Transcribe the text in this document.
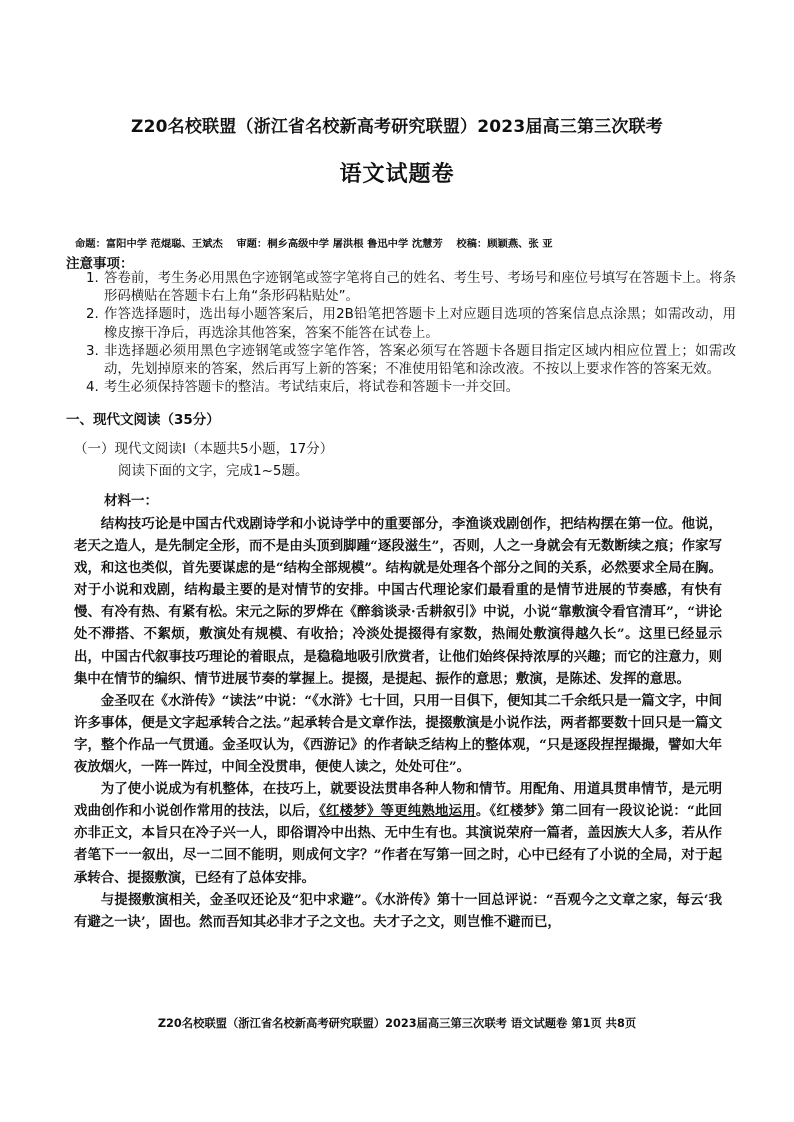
Z20名校联盟（浙江省名校新高考研究联盟）2023届高三第三次联考
语文试题卷
命题：富阳中学 范焜聪、王斌杰 审题：桐乡高级中学 屠洪根 鲁迅中学 沈慧芳 校稿：顾颖燕、张 亚
注意事项：
1. 答卷前，考生务必用黑色字迹钢笔或签字笔将自己的姓名、考生号、考场号和座位号填写在答题卡上。将条形码横贴在答题卡右上角“条形码粘贴处”。
2. 作答选择题时，选出每小题答案后，用2B铅笔把答题卡上对应题目选项的答案信息点涂黑；如需改动，用橡皮擦干净后，再选涂其他答案，答案不能答在试卷上。
3. 非选择题必须用黑色字迹钢笔或签字笔作答，答案必须写在答题卡各题目指定区域内相应位置上；如需改动，先划掉原来的答案，然后再写上新的答案；不准使用铅笔和涂改液。不按以上要求作答的答案无效。
4. 考生必须保持答题卡的整洁。考试结束后，将试卷和答题卡一并交回。
一、现代文阅读（35分）
（一）现代文阅读Ⅰ（本题共5小题，17分）
阅读下面的文字，完成1~5题。
材料一：

结构技巧论是中国古代戏剧诗学和小说诗学中的重要部分，李渔谈戏剧创作，把结构摆在第一位。他说，老天之造人，是先制定全形，而不是由头顶到脚踵“逐段滋生”，否则，人之一身就会有无数断续之痕；作家写戏，和这也类似，首先要谋虑的是“结构全部规模”。结构就是处理各个部分之间的关系，必然要求全局在胸。对于小说和戏剧，结构最主要的是对情节的安排。中国古代理论家们最看重的是情节进展的节奏感，有快有慢、有冷有热、有紧有松。宋元之际的罗烨在《醉翁谈录·舌耕叙引》中说，小说“靠敷演令看官清耳”，“讲论处不滞搭、不絮烦，敷演处有规模、有收拾；冷淡处提掇得有家数，热闹处敷演得越久长”。这里已经显示出，中国古代叙事技巧理论的着眼点，是稳稳地吸引欣赏者，让他们始终保持浓厚的兴趣；而它的注意力，则集中在情节的编织、情节进展节奏的掌握上。提掇，是提起、振作的意思；敷演，是陈述、发挥的意思。

金圣叹在《水浒传》“读法”中说：“《水浒》七十回，只用一目俱下，便知其二千余纸只是一篇文字，中间许多事体，便是文字起承转合之法。”起承转合是文章作法，提掇敷演是小说作法，两者都要数十回只是一篇文字，整个作品一气贯通。金圣叹认为，《西游记》的作者缺乏结构上的整体观，“只是逐段捏捏撮撮，譬如大年夜放烟火，一阵一阵过，中间全没贯串，便使人读之，处处可住”。

为了使小说成为有机整体，在技巧上，就要设法贯串各种人物和情节。用配角、用道具贯串情节，是元明戏曲创作和小说创作常用的技法，以后，《红楼梦》等更纯熟地运用。《红楼梦》第二回有一段议论说：“此回亦非正文，本旨只在冷子兴一人，即俗谓冷中出热、无中生有也。其演说荣府一篇者，盖因族大人多，若从作者笔下一一叙出，尽一二回不能明，则成何文字？”作者在写第一回之时，心中已经有了小说的全局，对于起承转合、提掇敷演，已经有了总体安排。

与提掇敷演相关，金圣叹还论及“犯中求避”。《水浒传》第十一回总评说：“吾观今之文章之家，每云‘我有避之一诀’，固也。然而吾知其必非才子之文也。夫才子之文，则岂惟不避而已，

Z20名校联盟（浙江省名校新高考研究联盟）2023届高三第三次联考 语文试题卷 第1页 共8页
